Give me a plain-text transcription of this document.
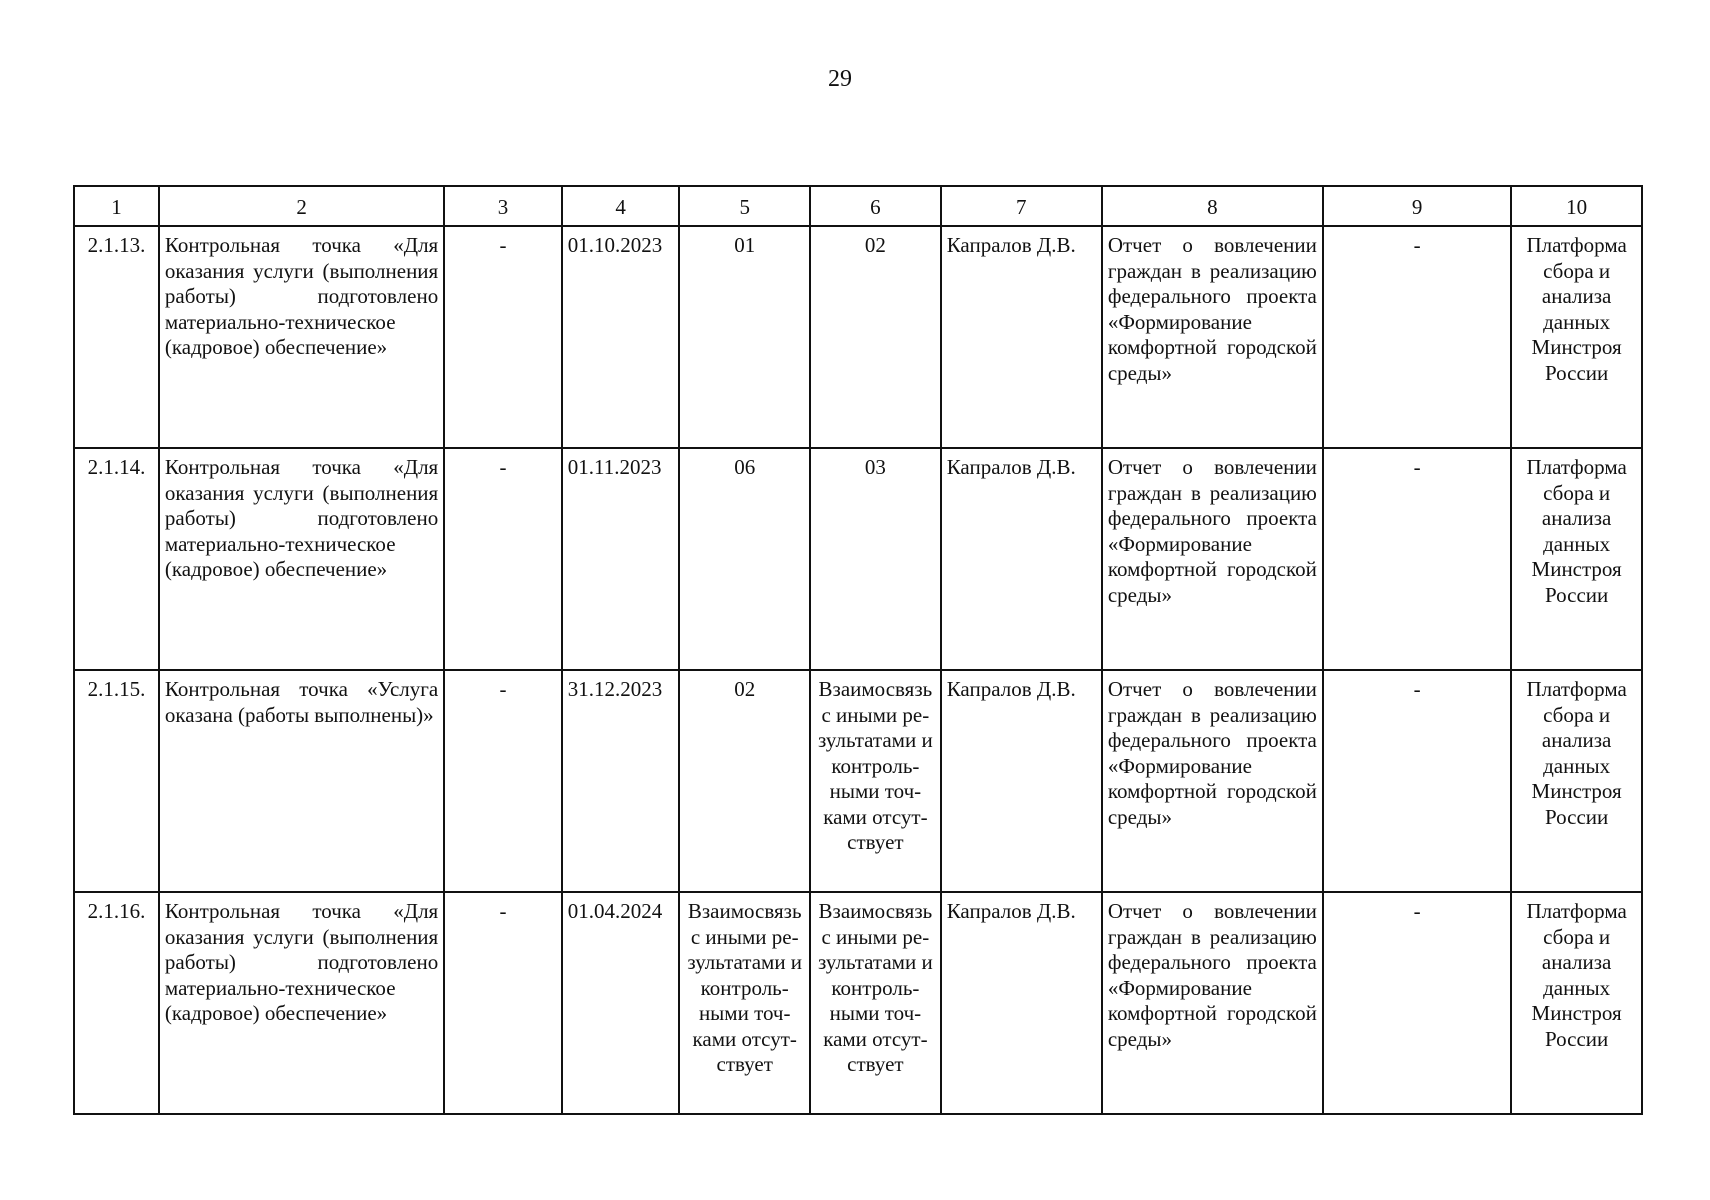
29
1	2	3	4	5	6	7	8	9	10
2.1.13.	Контрольная точка «Для оказания услуги (выполнения работы) подготовлено материально-техническое (кадровое) обеспечение»	-	01.10.2023	01	02	Капралов Д.В.	Отчет о вовлечении граждан в реализацию федерального проекта «Формирование комфортной городской среды»	-	Платформа сбора и анализа данных Минстроя России
2.1.14.	Контрольная точка «Для оказания услуги (выполнения работы) подготовлено материально-техническое (кадровое) обеспечение»	-	01.11.2023	06	03	Капралов Д.В.	Отчет о вовлечении граждан в реализацию федерального проекта «Формирование комфортной городской среды»	-	Платформа сбора и анализа данных Минстроя России
2.1.15.	Контрольная точка «Услуга оказана (работы выполнены)»	-	31.12.2023	02	Взаимосвязь с иными результатами и контрольными точками отсутствует	Капралов Д.В.	Отчет о вовлечении граждан в реализацию федерального проекта «Формирование комфортной городской среды»	-	Платформа сбора и анализа данных Минстроя России
2.1.16.	Контрольная точка «Для оказания услуги (выполнения работы) подготовлено материально-техническое (кадровое) обеспечение»	-	01.04.2024	Взаимосвязь с иными результатами и контрольными точками отсутствует	Взаимосвязь с иными результатами и контрольными точками отсутствует	Капралов Д.В.	Отчет о вовлечении граждан в реализацию федерального проекта «Формирование комфортной городской среды»	-	Платформа сбора и анализа данных Минстроя России
